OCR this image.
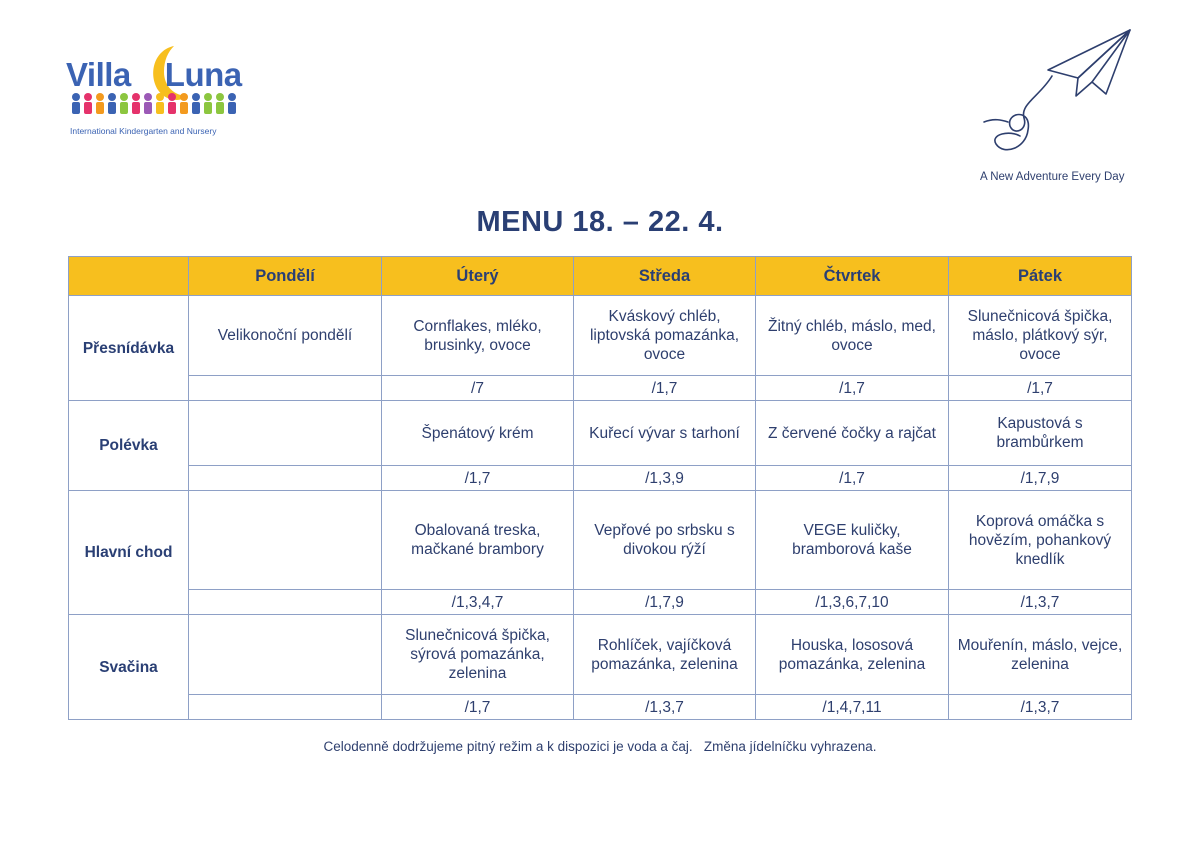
Villa Luna
International Kindergarten and Nursery
A New Adventure Every Day
MENU 18. – 22. 4.
	Pondělí	Úterý	Středa	Čtvrtek	Pátek
Přesnídávka	Velikonoční pondělí	Cornflakes, mléko, brusinky, ovoce	Kváskový chléb, liptovská pomazánka, ovoce	Žitný chléb, máslo, med, ovoce	Slunečnicová špička, máslo, plátkový sýr, ovoce
		/7	/1,7	/1,7	/1,7
Polévka		Špenátový krém	Kuřecí vývar s tarhoní	Z červené čočky a rajčat	Kapustová s brambůrkem
		/1,7	/1,3,9	/1,7	/1,7,9
Hlavní chod		Obalovaná treska, mačkané brambory	Vepřové po srbsku s divokou rýží	VEGE kuličky, bramborová kaše	Koprová omáčka s hovězím, pohankový knedlík
		/1,3,4,7	/1,7,9	/1,3,6,7,10	/1,3,7
Svačina		Slunečnicová špička, sýrová pomazánka, zelenina	Rohlíček, vajíčková pomazánka, zelenina	Houska, lososová pomazánka, zelenina	Mouřenín, máslo, vejce, zelenina
		/1,7	/1,3,7	/1,4,7,11	/1,3,7
Celodenně dodržujeme pitný režim a k dispozici je voda a čaj.   Změna jídelníčku vyhrazena.
